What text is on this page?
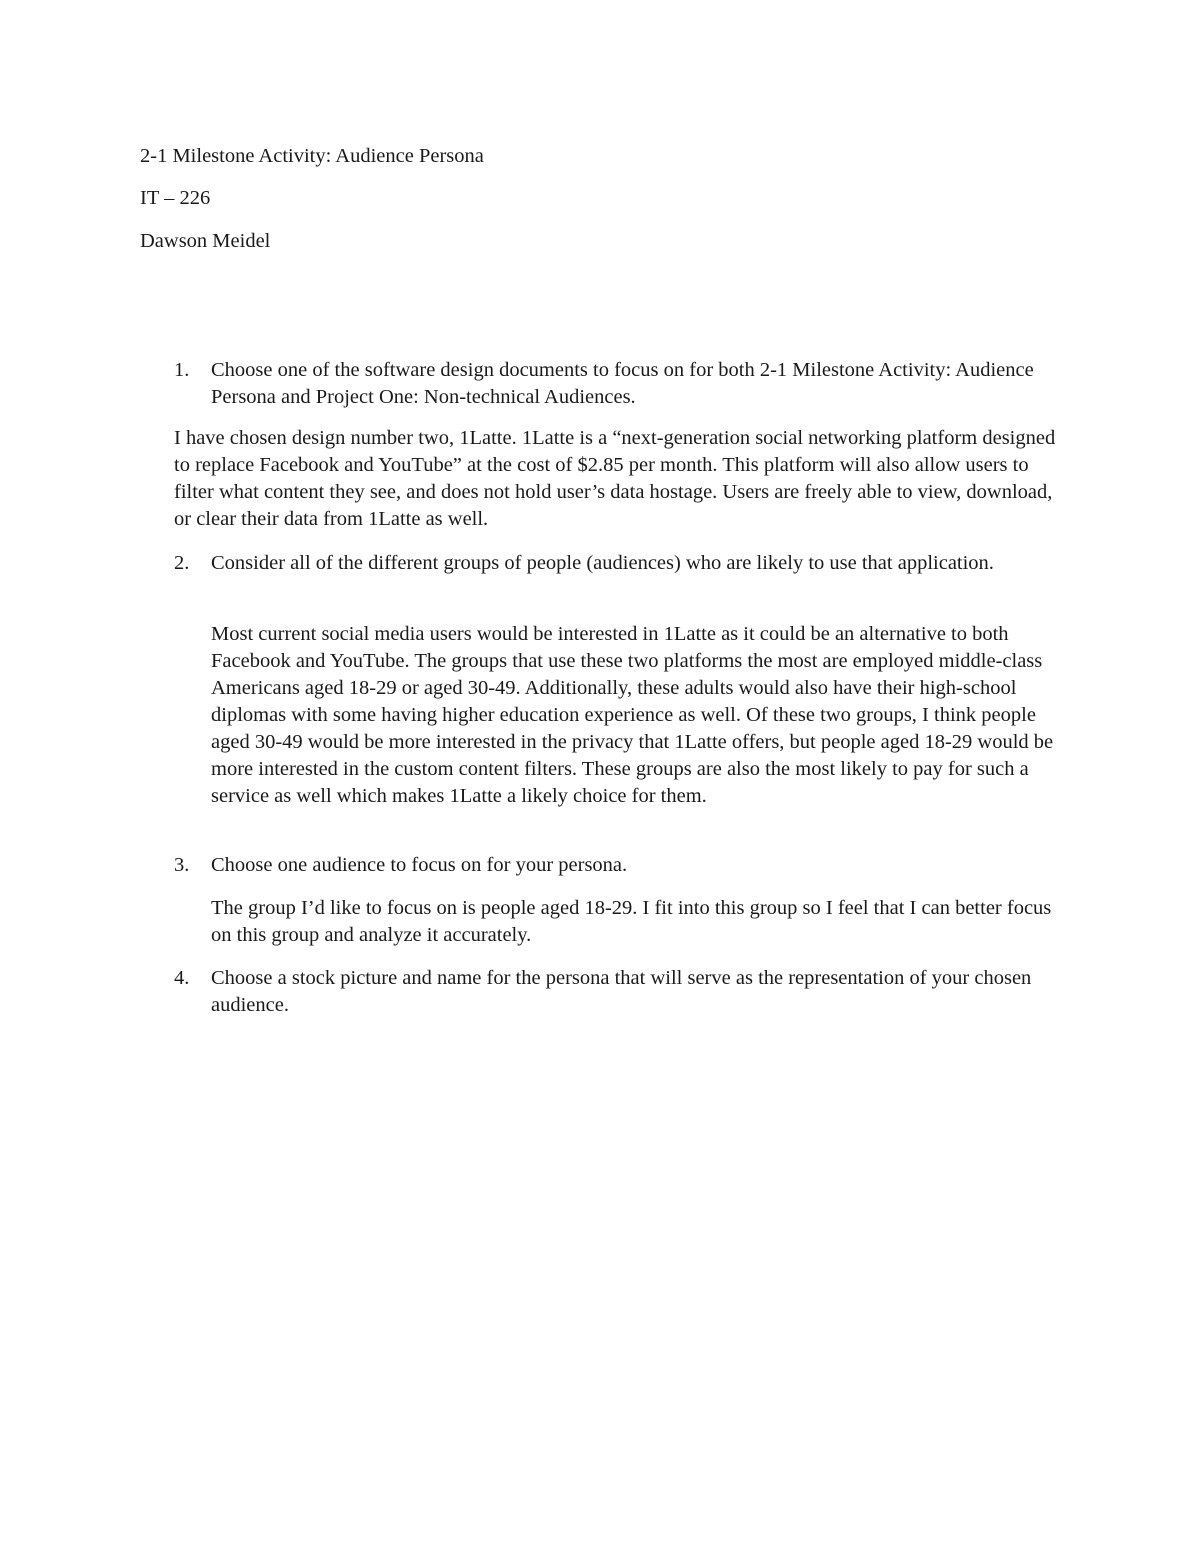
2-1 Milestone Activity: Audience Persona

IT – 226

Dawson Meidel

1.	Choose one of the software design documents to focus on for both 2-1 Milestone Activity: Audience Persona and Project One: Non-technical Audiences.

I have chosen design number two, 1Latte. 1Latte is a “next-generation social networking platform designed to replace Facebook and YouTube” at the cost of $2.85 per month. This platform will also allow users to filter what content they see, and does not hold user’s data hostage. Users are freely able to view, download, or clear their data from 1Latte as well.

2.	Consider all of the different groups of people (audiences) who are likely to use that application.

Most current social media users would be interested in 1Latte as it could be an alternative to both Facebook and YouTube. The groups that use these two platforms the most are employed middle-class Americans aged 18-29 or aged 30-49. Additionally, these adults would also have their high-school diplomas with some having higher education experience as well. Of these two groups, I think people aged 30-49 would be more interested in the privacy that 1Latte offers, but people aged 18-29 would be more interested in the custom content filters. These groups are also the most likely to pay for such a service as well which makes 1Latte a likely choice for them.

3.	Choose one audience to focus on for your persona.

The group I’d like to focus on is people aged 18-29. I fit into this group so I feel that I can better focus on this group and analyze it accurately.

4.	Choose a stock picture and name for the persona that will serve as the representation of your chosen audience.
